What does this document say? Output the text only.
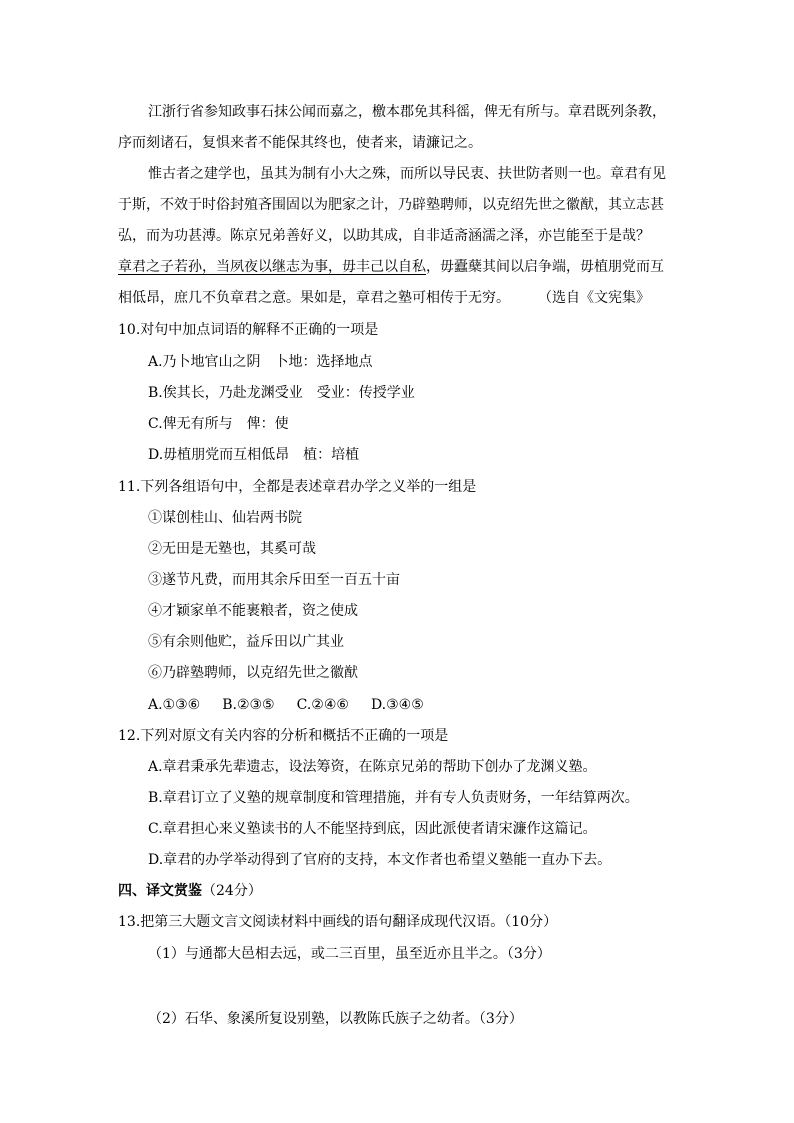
江浙行省参知政事石抹公闻而嘉之，檄本郡免其科徭，俾无有所与。章君既列条教，
序而刻诸石，复惧来者不能保其终也，使者来，请濂记之。
惟古者之建学也，虽其为制有小大之殊，而所以导民衷、扶世防者则一也。章君有见
于斯，不效于时俗封殖吝围固以为肥家之计，乃辟塾聘师，以克绍先世之徽猷，其立志甚
弘，而为功甚溥。陈京兄弟善好义，以助其成，自非适斋涵濡之泽，亦岂能至于是哉？
章君之子若孙，当夙夜以继志为事，毋丰己以自私，毋蠹蘖其间以启争端，毋植朋党而互
相低昂，庶几不负章君之意。果如是，章君之塾可相传于无穷。 （选自《文宪集》
10.对句中加点词语的解释不正确的一项是
A.乃卜地官山之阴　卜地：选择地点
B.俟其长，乃赴龙渊受业　受业：传授学业
C.俾无有所与　俾：使
D.毋植朋党而互相低昂　植：培植
11.下列各组语句中，全都是表述章君办学之义举的一组是
①谋创桂山、仙岩两书院
②无田是无塾也，其奚可哉
③遂节凡费，而用其余斥田至一百五十亩
④才颖家单不能裹粮者，资之使成
⑤有余则他贮，益斥田以广其业
⑥乃辟塾聘师，以克绍先世之徽猷
A.①③⑥ B.②③⑤ C.②④⑥ D.③④⑤
12.下列对原文有关内容的分析和概括不正确的一项是
A.章君秉承先辈遗志，设法筹资，在陈京兄弟的帮助下创办了龙渊义塾。
B.章君订立了义塾的规章制度和管理措施，并有专人负责财务，一年结算两次。
C.章君担心来义塾读书的人不能坚持到底，因此派使者请宋濂作这篇记。
D.章君的办学举动得到了官府的支持，本文作者也希望义塾能一直办下去。
四、译文赏鉴（24分）
13.把第三大题文言文阅读材料中画线的语句翻译成现代汉语。（10分）
（1）与通都大邑相去远，或二三百里，虽至近亦且半之。（3分）
（2）石华、象溪所复设别塾，以教陈氏族子之幼者。（3分）
